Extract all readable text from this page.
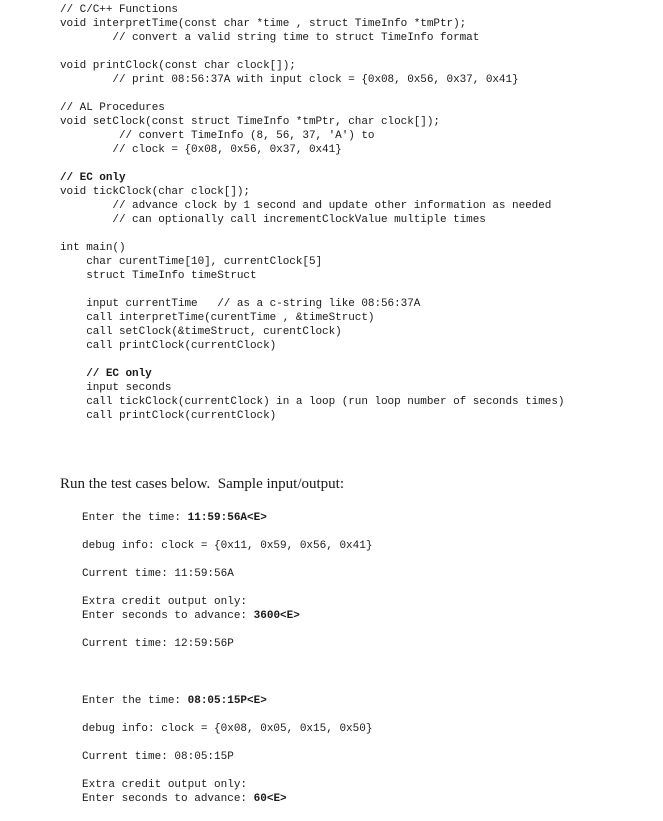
// C/C++ Functions
void interpretTime(const char *time , struct TimeInfo *tmPtr);
// convert a valid string time to struct TimeInfo format

void printClock(const char clock[]);
// print 08:56:37A with input clock = {0x08, 0x56, 0x37, 0x41}

// AL Procedures
void setClock(const struct TimeInfo *tmPtr, char clock[]);
// convert TimeInfo (8, 56, 37, 'A') to
// clock = {0x08, 0x56, 0x37, 0x41}
// EC only
void tickClock(char clock[]);
// advance clock by 1 second and update other information as needed
// can optionally call incrementClockValue multiple times

int main()
char curentTime[10], currentClock[5]
struct TimeInfo timeStruct

input currentTime   // as a c-string like 08:56:37A
call interpretTime(curentTime , &timeStruct)
call setClock(&timeStruct, curentClock)
call printClock(currentClock)

// EC only
input seconds
call tickClock(currentClock) in a loop (run loop number of seconds times)
call printClock(currentClock)
Run the test cases below.  Sample input/output:
Enter the time: 11:59:56A<E>

debug info: clock = {0x11, 0x59, 0x56, 0x41}

Current time: 11:59:56A

Extra credit output only:
Enter seconds to advance: 3600<E>

Current time: 12:59:56P
Enter the time: 08:05:15P<E>

debug info: clock = {0x08, 0x05, 0x15, 0x50}

Current time: 08:05:15P

Extra credit output only:
Enter seconds to advance: 60<E>
